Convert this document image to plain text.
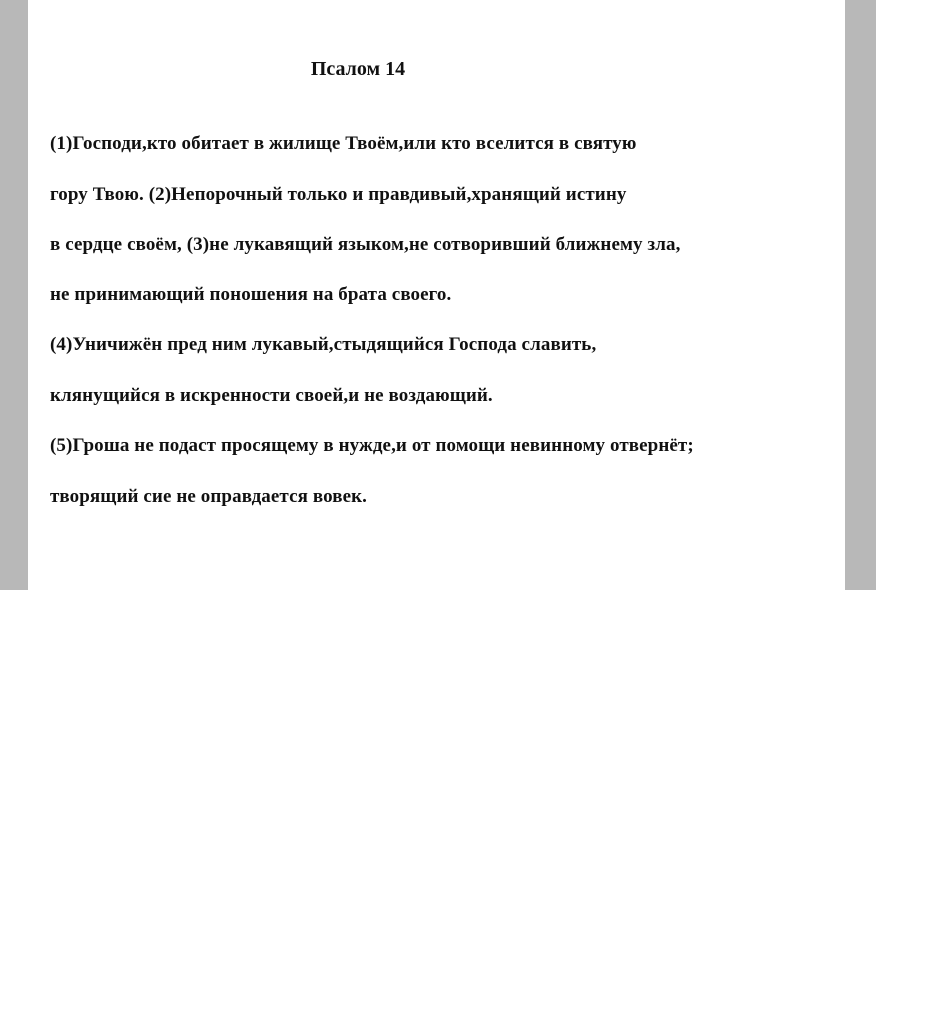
Псалом 14

(1)Господи,кто обитает в жилище Твоём,или кто вселится в святую

гору Твою. (2)Непорочный только и правдивый,хранящий истину

в сердце своём, (3)не лукавящий языком,не сотворивший ближнему зла,

не принимающий поношения на брата своего.

(4)Уничижён пред ним лукавый,стыдящийся Господа славить,

клянущийся в искренности своей,и не воздающий.

(5)Гроша не подаст просящему в нужде,и от помощи невинному отвернёт;

творящий сие не оправдается вовек.
